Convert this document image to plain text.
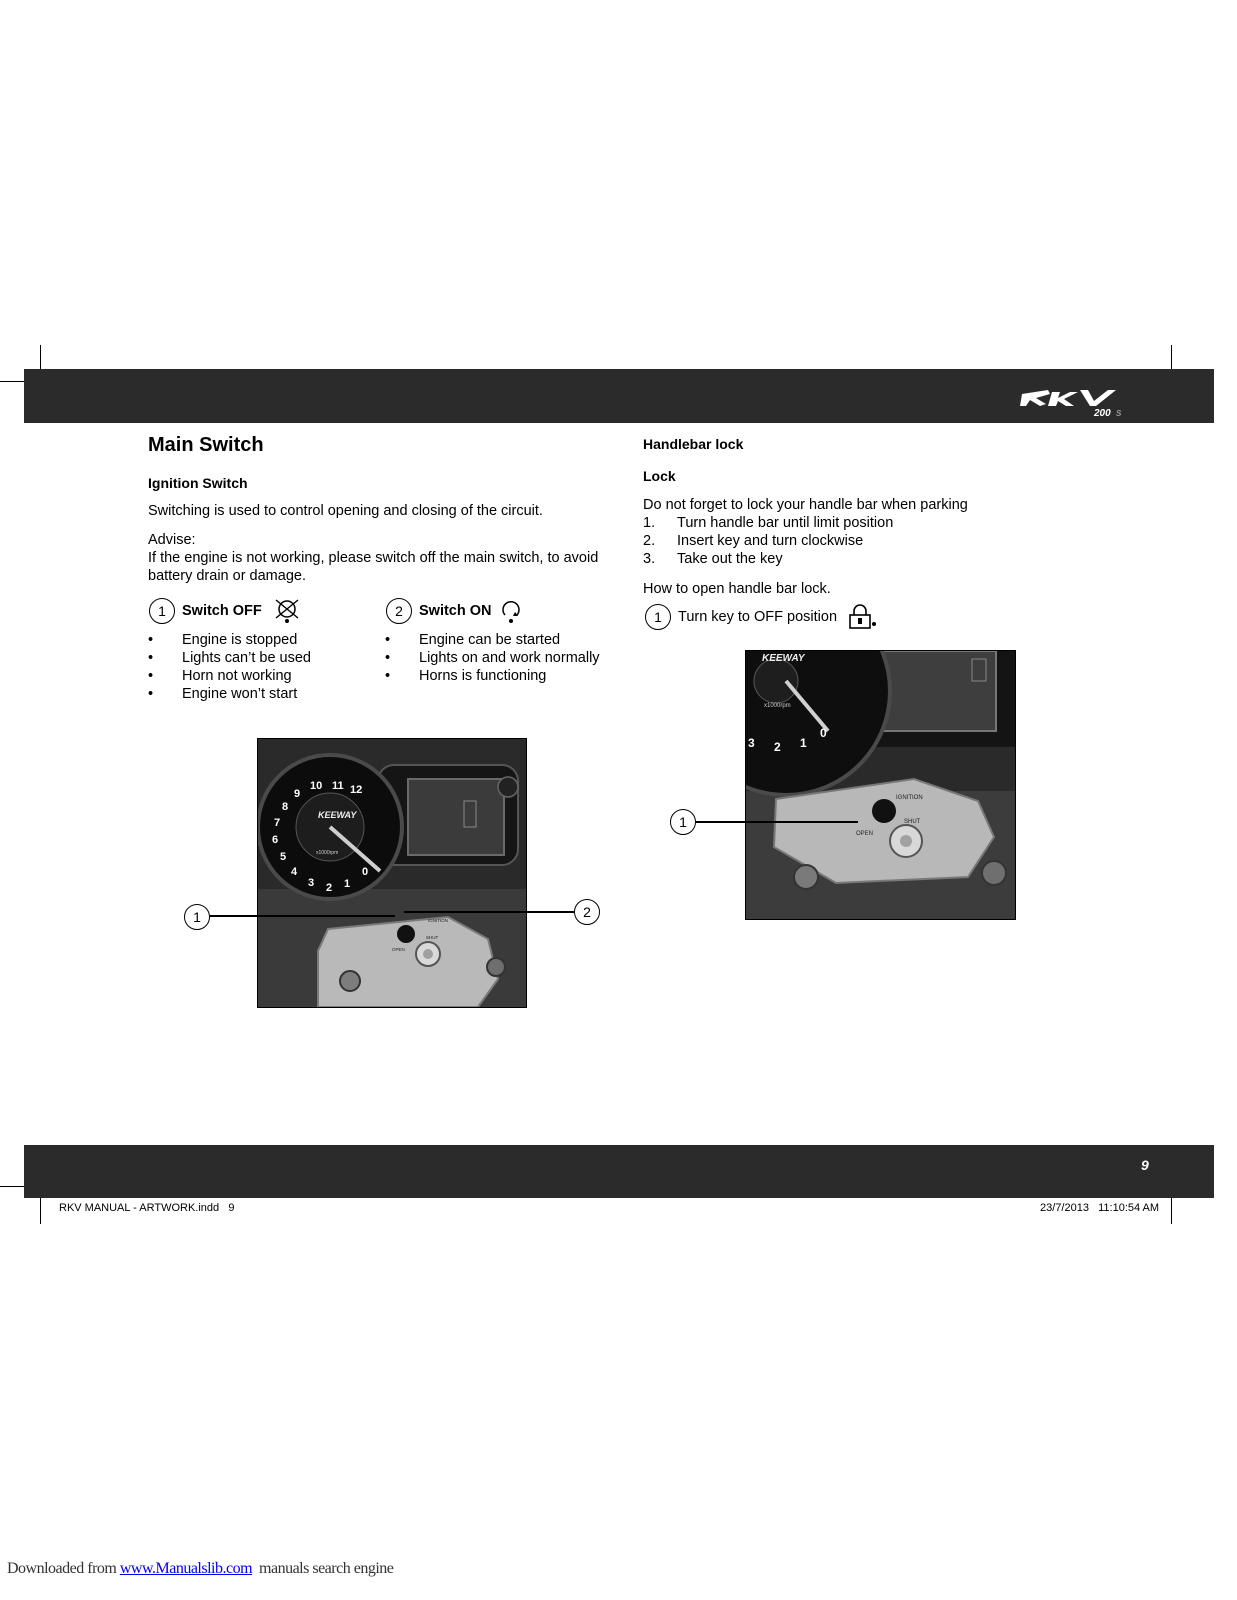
200 S
Main Switch
Ignition Switch
Switching is used to control opening and closing of the circuit.
Advise:
If the engine is not working, please switch off the main switch, to avoid
battery drain or damage.
1	Switch OFF
• Engine is stopped
• Lights can’t be used
• Horn not working
• Engine won’t start
2	Switch ON
• Engine can be started
• Lights on and work normally
• Horns is functioning
0
1
2
3
4
5
6
7
8
9
10 11 12
KEEWAY
x1000rpm
IGNITION
OPEN
SHUT
1	2
Handlebar lock
Lock
Do not forget to lock your handle bar when parking
1. Turn handle bar until limit position
2. Insert key and turn clockwise
3. Take out the key
How to open handle bar lock.
1	Turn key to OFF position
KEEWAY
x1000rpm
3 2 1
0
IGNITION
OPEN
SHUT
1
9
RKV MANUAL - ARTWORK.indd   9	23/7/2013   11:10:54 AM

Downloaded from www.Manualslib.com  manuals search engine
